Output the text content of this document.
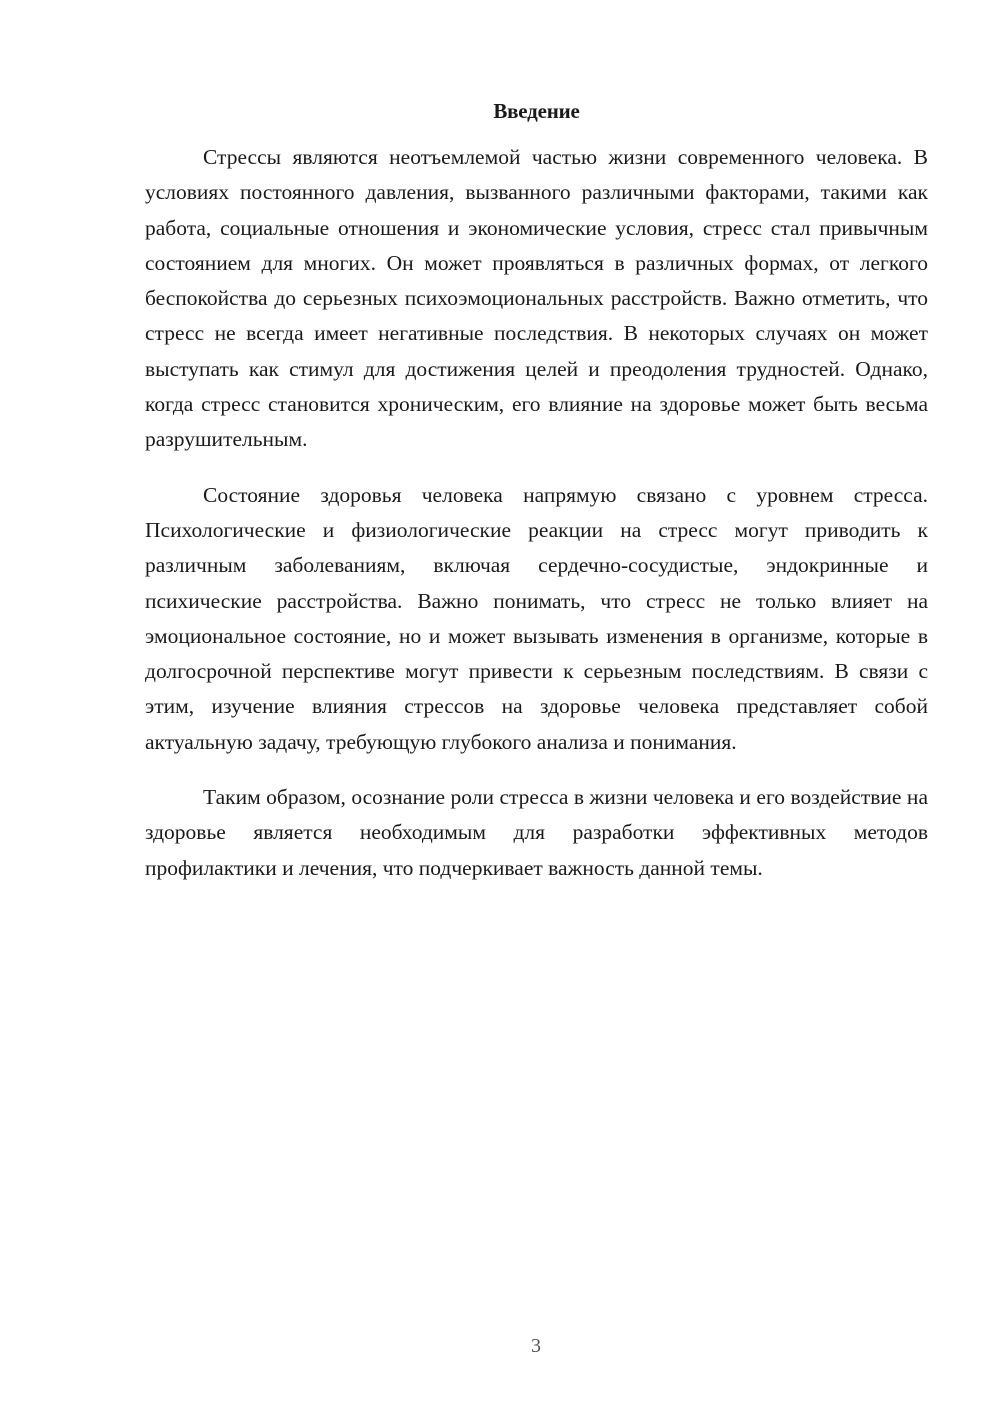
Введение

Стрессы являются неотъемлемой частью жизни современного человека. В условиях постоянного давления, вызванного различными факторами, такими как работа, социальные отношения и экономические условия, стресс стал привычным состоянием для многих. Он может проявляться в различных формах, от легкого беспокойства до серьезных психоэмоциональных расстройств. Важно отметить, что стресс не всегда имеет негативные последствия. В некоторых случаях он может выступать как стимул для достижения целей и преодоления трудностей. Однако, когда стресс становится хроническим, его влияние на здоровье может быть весьма разрушительным.

Состояние здоровья человека напрямую связано с уровнем стресса. Психологические и физиологические реакции на стресс могут приводить к различным заболеваниям, включая сердечно-сосудистые, эндокринные и психические расстройства. Важно понимать, что стресс не только влияет на эмоциональное состояние, но и может вызывать изменения в организме, которые в долгосрочной перспективе могут привести к серьезным последствиям. В связи с этим, изучение влияния стрессов на здоровье человека представляет собой актуальную задачу, требующую глубокого анализа и понимания.

Таким образом, осознание роли стресса в жизни человека и его воздействие на здоровье является необходимым для разработки эффективных методов профилактики и лечения, что подчеркивает важность данной темы.

3
